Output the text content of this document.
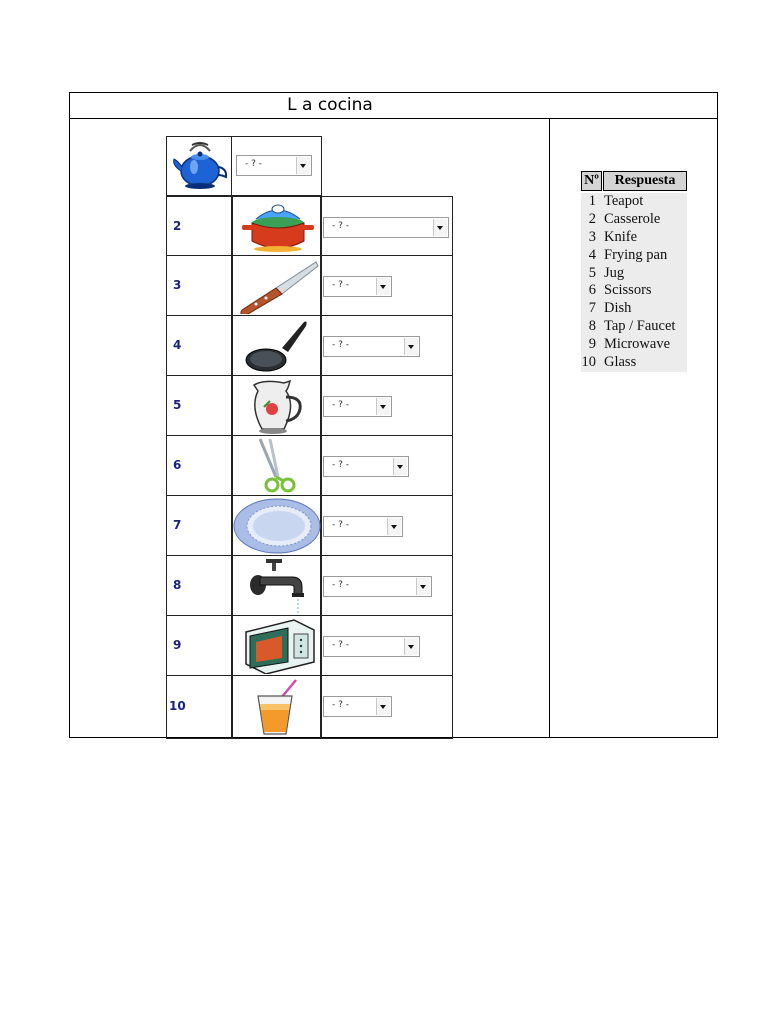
L a cocina
- ? -
2	- ? -
3	- ? -
4	- ? -
5	- ? -
6	- ? -
7	- ? -
8	- ? -
9	- ? -
10	- ? -
Nº	Respuesta
1 Teapot
2 Casserole
3 Knife
4 Frying pan
5 Jug
6 Scissors
7 Dish
8 Tap / Faucet
9 Microwave
10 Glass
